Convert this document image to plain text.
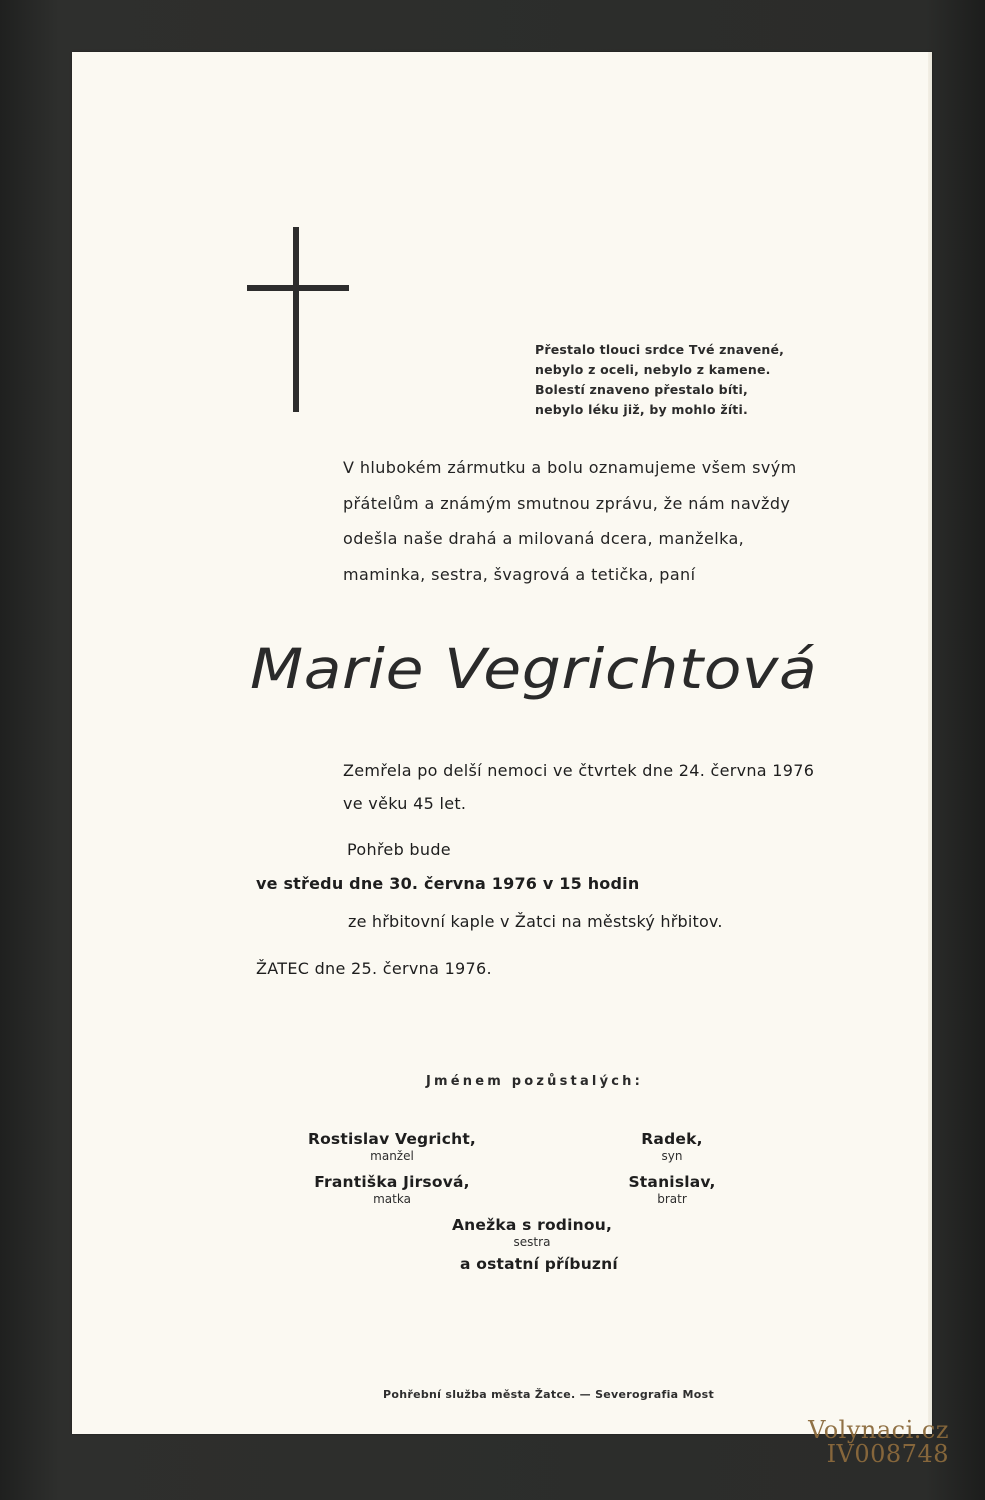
Přestalo tlouci srdce Tvé znavené,
nebylo z oceli, nebylo z kamene.
Bolestí znaveno přestalo bíti,
nebylo léku již, by mohlo žíti.
V hlubokém zármutku a bolu oznamujeme všem svým
přátelům a známým smutnou zprávu, že nám navždy
odešla naše drahá a milovaná dcera, manželka,
maminka, sestra, švagrová a tetička, paní
Marie Vegrichtová
Zemřela po delší nemoci ve čtvrtek dne 24. června 1976
ve věku 45 let.
Pohřeb bude
ve středu dne 30. června 1976 v 15 hodin
ze hřbitovní kaple v Žatci na městský hřbitov.
ŽATEC dne 25. června 1976.
Jménem pozůstalých:
Rostislav Vegricht,
manžel
Radek,
syn
Františka Jirsová,
matka
Stanislav,
bratr
Anežka s rodinou,
sestra
a ostatní příbuzní
Pohřební služba města Žatce. — Severografia Most
Volynaci.cz
IV008748
